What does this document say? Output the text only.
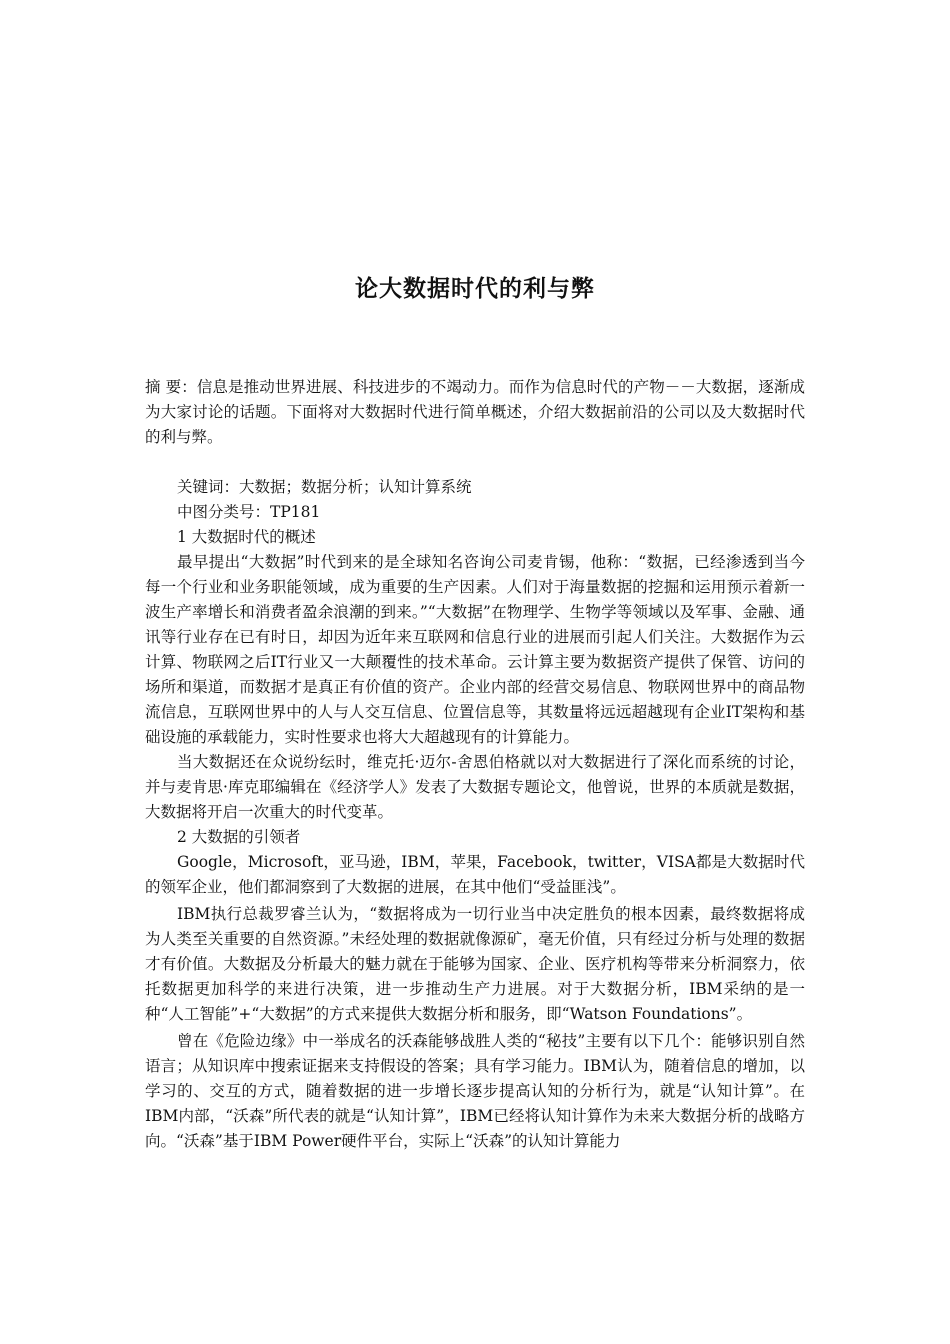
论大数据时代的利与弊

摘 要：信息是推动世界进展、科技进步的不竭动力。而作为信息时代的产物－－大数据，逐渐成为大家讨论的话题。下面将对大数据时代进行简单概述，介绍大数据前沿的公司以及大数据时代的利与弊。

关键词：大数据；数据分析；认知计算系统

中图分类号：TP181

1 大数据时代的概述

最早提出“大数据”时代到来的是全球知名咨询公司麦肯锡，他称：“数据，已经渗透到当今每一个行业和业务职能领域，成为重要的生产因素。人们对于海量数据的挖掘和运用预示着新一波生产率增长和消费者盈余浪潮的到来。”“大数据”在物理学、生物学等领域以及军事、金融、通讯等行业存在已有时日，却因为近年来互联网和信息行业的进展而引起人们关注。大数据作为云计算、物联网之后IT行业又一大颠覆性的技术革命。云计算主要为数据资产提供了保管、访问的场所和渠道，而数据才是真正有价值的资产。企业内部的经营交易信息、物联网世界中的商品物流信息，互联网世界中的人与人交互信息、位置信息等，其数量将远远超越现有企业IT架构和基础设施的承载能力，实时性要求也将大大超越现有的计算能力。

当大数据还在众说纷纭时，维克托·迈尔-舍恩伯格就以对大数据进行了深化而系统的讨论，并与麦肯思·库克耶编辑在《经济学人》发表了大数据专题论文，他曾说，世界的本质就是数据，大数据将开启一次重大的时代变革。

2 大数据的引领者

Google，Microsoft，亚马逊，IBM，苹果，Facebook，twitter，VISA都是大数据时代的领军企业，他们都洞察到了大数据的进展，在其中他们“受益匪浅”。

IBM执行总裁罗睿兰认为，“数据将成为一切行业当中决定胜负的根本因素，最终数据将成为人类至关重要的自然资源。”未经处理的数据就像源矿，毫无价值，只有经过分析与处理的数据才有价值。大数据及分析最大的魅力就在于能够为国家、企业、医疗机构等带来分析洞察力，依托数据更加科学的来进行决策，进一步推动生产力进展。对于大数据分析，IBM采纳的是一种“人工智能”+“大数据”的方式来提供大数据分析和服务，即“Watson Foundations”。

曾在《危险边缘》中一举成名的沃森能够战胜人类的“秘技”主要有以下几个：能够识别自然语言；从知识库中搜索证据来支持假设的答案；具有学习能力。IBM认为，随着信息的增加，以学习的、交互的方式，随着数据的进一步增长逐步提高认知的分析行为，就是“认知计算”。在IBM内部，“沃森”所代表的就是“认知计算”，IBM已经将认知计算作为未来大数据分析的战略方向。“沃森”基于IBM Power硬件平台，实际上“沃森”的认知计算能力
